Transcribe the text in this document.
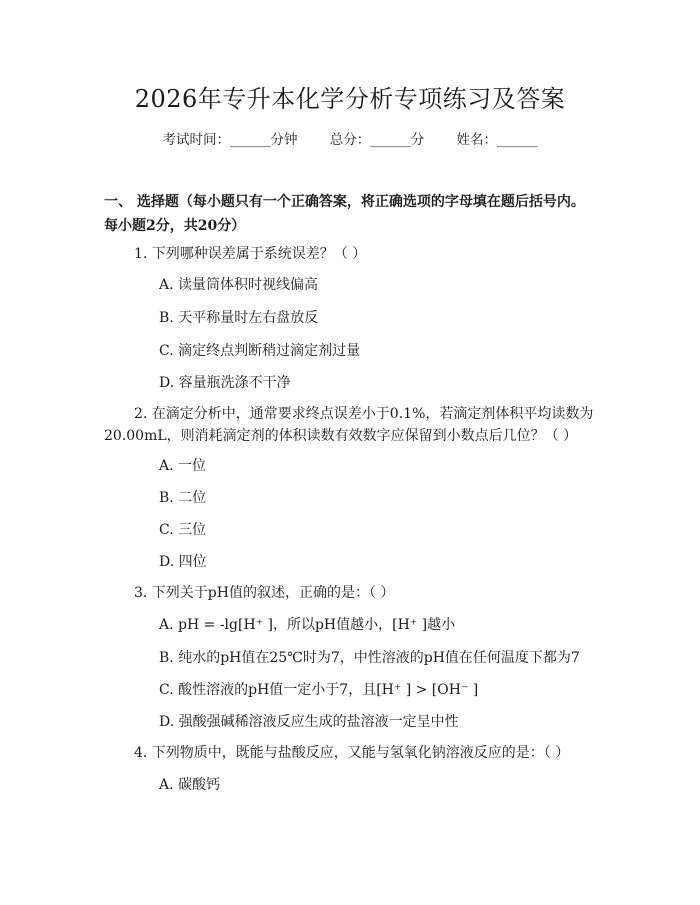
2026年专升本化学分析专项练习及答案
考试时间：______分钟 总分：______分 姓名：______
一、 选择题（每小题只有一个正确答案，将正确选项的字母填在题后括号内。每小题2分，共20分）
1. 下列哪种误差属于系统误差？（ ）
A. 读量筒体积时视线偏高
B. 天平称量时左右盘放反
C. 滴定终点判断稍过滴定剂过量
D. 容量瓶洗涤不干净
2. 在滴定分析中，通常要求终点误差小于0.1%，若滴定剂体积平均读数为
20.00mL，则消耗滴定剂的体积读数有效数字应保留到小数点后几位？（ ）
A. 一位
B. 二位
C. 三位
D. 四位
3. 下列关于pH值的叙述，正确的是：（ ）
A. pH = -lg[H⁺ ]，所以pH值越小，[H⁺ ]越小
B. 纯水的pH值在25℃时为7，中性溶液的pH值在任何温度下都为7
C. 酸性溶液的pH值一定小于7，且[H⁺ ] > [OH⁻ ]
D. 强酸强碱稀溶液反应生成的盐溶液一定呈中性
4. 下列物质中，既能与盐酸反应，又能与氢氧化钠溶液反应的是：（ ）
A. 碳酸钙
